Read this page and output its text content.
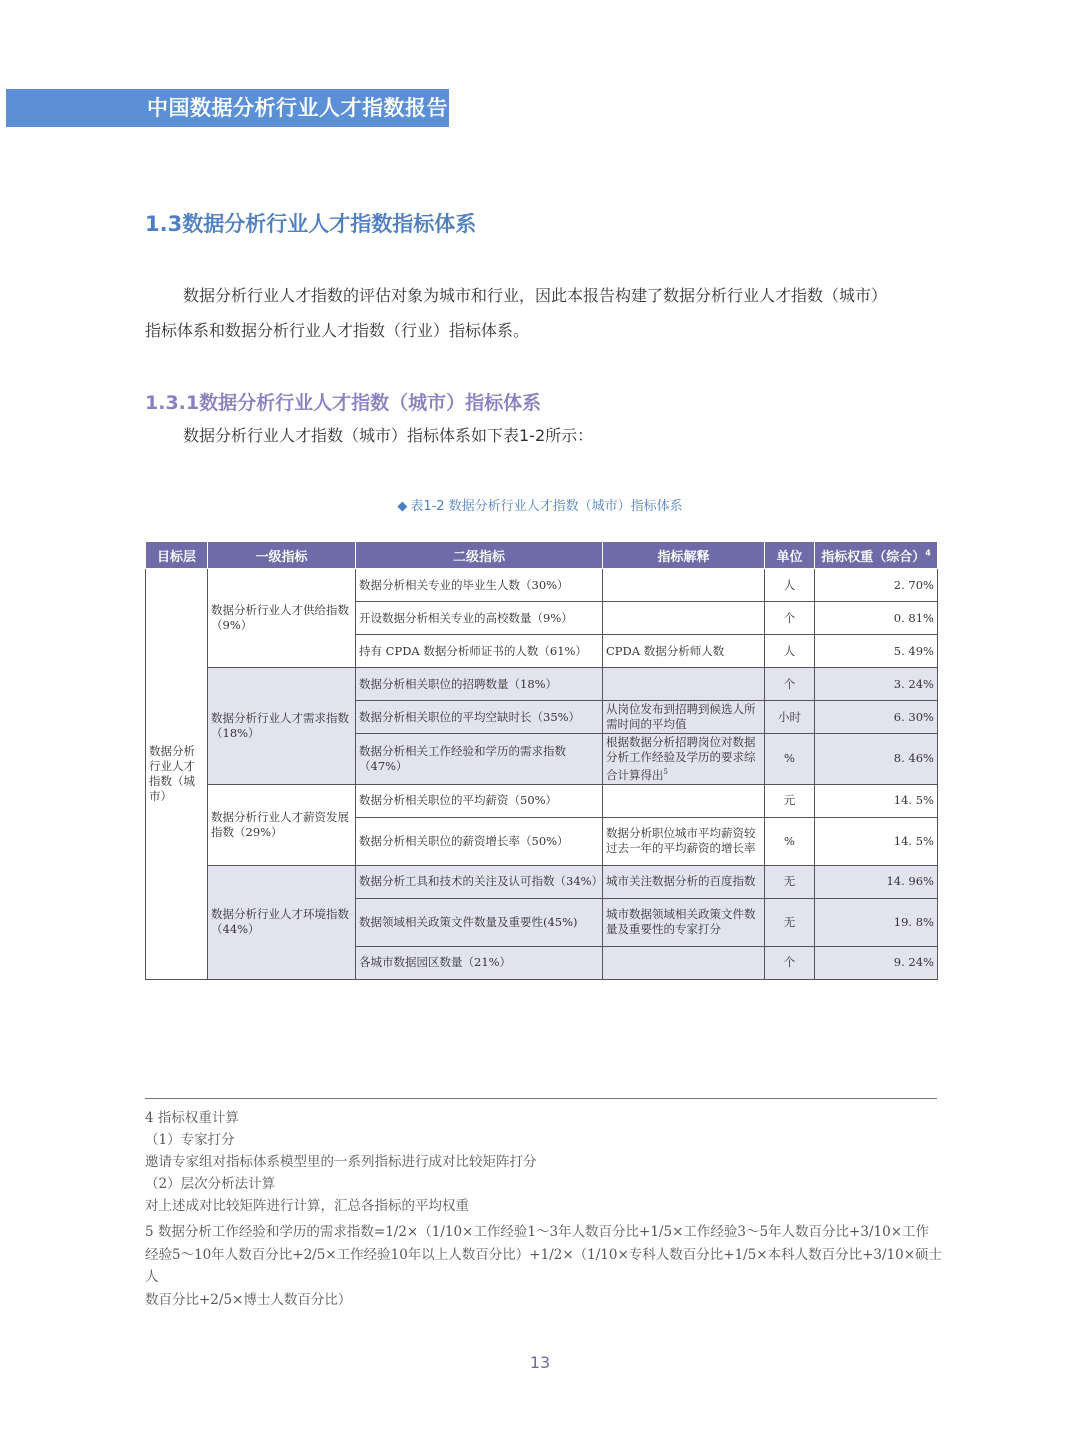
中国数据分析行业人才指数报告
1.3数据分析行业人才指数指标体系
数据分析行业人才指数的评估对象为城市和行业，因此本报告构建了数据分析行业人才指数（城市）
指标体系和数据分析行业人才指数（行业）指标体系。
1.3.1数据分析行业人才指数（城市）指标体系
数据分析行业人才指数（城市）指标体系如下表1-2所示：
◆ 表1-2 数据分析行业人才指数（城市）指标体系
目标层	一级指标	二级指标	指标解释	单位	指标权重（综合）$^4$
数据分析行业人才指数（城市）	数据分析行业人才供给指数（9%）	数据分析相关专业的毕业生人数（30%）		人	2. 70%
		开设数据分析相关专业的高校数量（9%）		个	0. 81%
		持有 CPDA 数据分析师证书的人数（61%）	CPDA 数据分析师人数	人	5. 49%
	数据分析行业人才需求指数（18%）	数据分析相关职位的招聘数量（18%）		个	3. 24%
		数据分析相关职位的平均空缺时长（35%）	从岗位发布到招聘到候选人所需时间的平均值	小时	6. 30%
		数据分析相关工作经验和学历的需求指数（47%）	根据数据分析招聘岗位对数据分析工作经验及学历的要求综合计算得出$^5$	%	8. 46%
	数据分析行业人才薪资发展指数（29%）	数据分析相关职位的平均薪资（50%）		元	14. 5%
		数据分析相关职位的薪资增长率（50%）	数据分析职位城市平均薪资较过去一年的平均薪资的增长率	%	14. 5%
	数据分析行业人才环境指数（44%）	数据分析工具和技术的关注及认可指数（34%）	城市关注数据分析的百度指数	无	14. 96%
		数据领域相关政策文件数量及重要性(45%)	城市数据领域相关政策文件数量及重要性的专家打分	无	19. 8%
		各城市数据园区数量（21%）		个	9. 24%
4 指标权重计算
（1）专家打分
邀请专家组对指标体系模型里的一系列指标进行成对比较矩阵打分
（2）层次分析法计算
对上述成对比较矩阵进行计算，汇总各指标的平均权重
5 数据分析工作经验和学历的需求指数=1/2×（1/10×工作经验1～3年人数百分比+1/5×工作经验3～5年人数百分比+3/10×工作
经验5～10年人数百分比+2/5×工作经验10年以上人数百分比）+1/2×（1/10×专科人数百分比+1/5×本科人数百分比+3/10×硕士人
数百分比+2/5×博士人数百分比）
13
